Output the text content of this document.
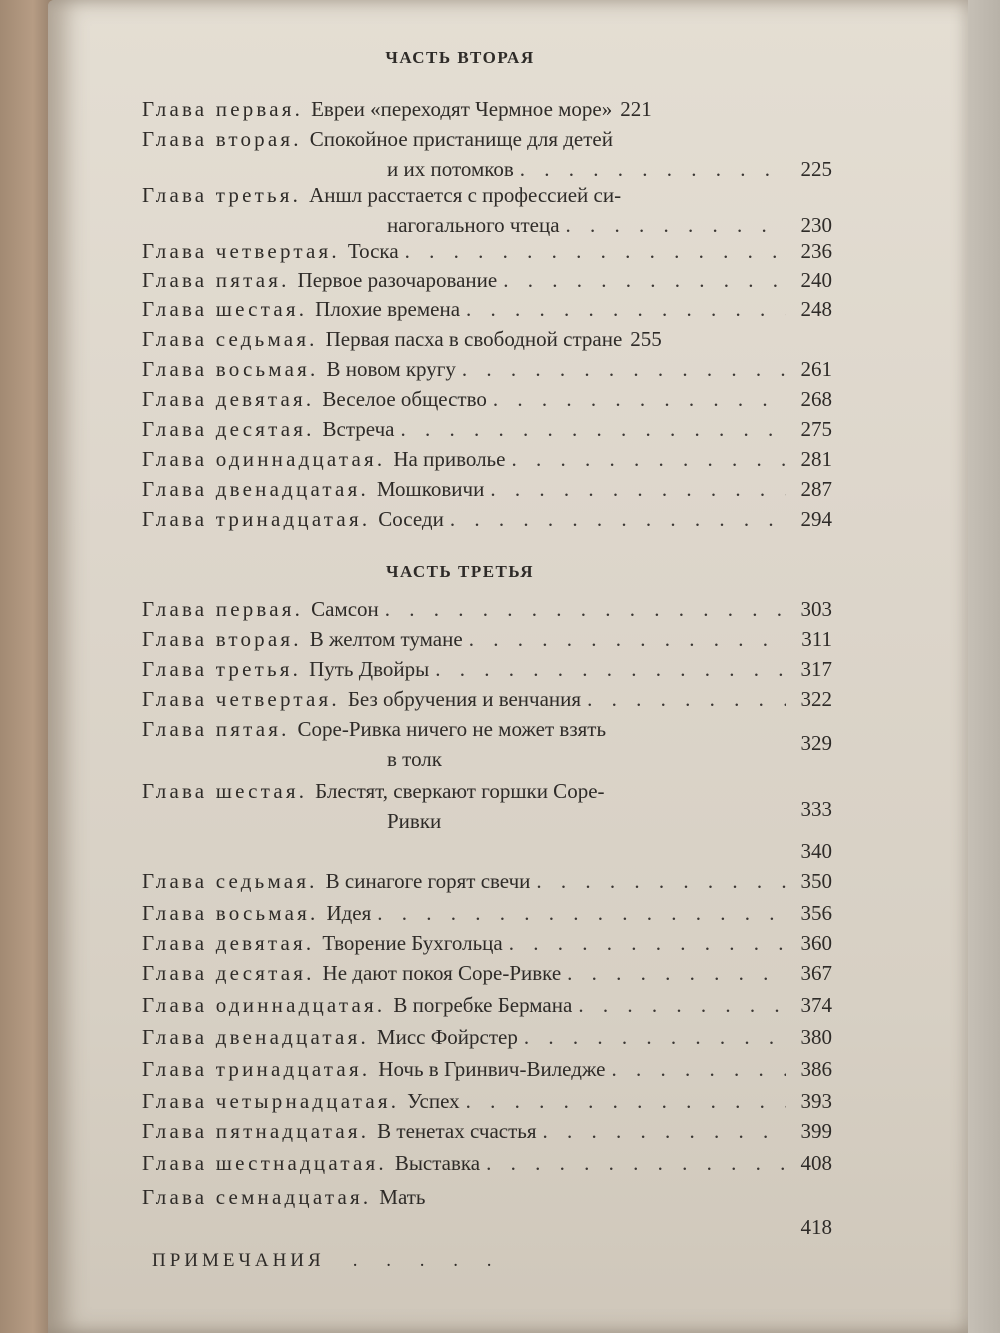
ЧАСТЬ ВТОРАЯ
Глава первая. Евреи «переходят Чермное море» 221
Глава вторая. Спокойное пристанище для детей
и их потомков . . .	225
Глава третья. Аншл расстается с профессией си-
нагогального чтеца . . .	230
Глава четвертая. Тоска . . .	236
Глава пятая. Первое разочарование . . .	240
Глава шестая. Плохие времена . . .	248
Глава седьмая. Первая пасха в свободной стране 255
Глава восьмая. В новом кругу . . .	261
Глава девятая. Веселое общество . . .	268
Глава десятая. Встреча . . .	275
Глава одиннадцатая. На приволье . . .	281
Глава двенадцатая. Мошковичи . . .	287
Глава тринадцатая. Соседи . . .	294
ЧАСТЬ ТРЕТЬЯ
Глава первая. Самсон . . .	303
Глава вторая. В желтом тумане . . .	311
Глава третья. Путь Двойры . . .	317
Глава четвертая. Без обручения и венчания . . .	322
Глава пятая. Соре-Ривка ничего не может взять
в толк
329
Глава шестая. Блестят, сверкают горшки Соре-
Ривки	333
340
Глава седьмая. В синагоге горят свечи . . .	350
Глава восьмая. Идея . . .	356
Глава девятая. Творение Бухгольца . . .	360
Глава десятая. Не дают покоя Соре-Ривке . . .	367
Глава одиннадцатая. В погребке Бермана . . .	374
Глава двенадцатая. Мисс Фойрстер . . .	380
Глава тринадцатая. Ночь в Гринвич-Виледже . . .	386
Глава четырнадцатая. Успех . . .	393
Глава пятнадцатая. В тенетах счастья . . .	399
Глава шестнадцатая. Выставка . . .	408
Глава семнадцатая. Мать
418
ПРИМЕЧАНИЯ . . . . .
